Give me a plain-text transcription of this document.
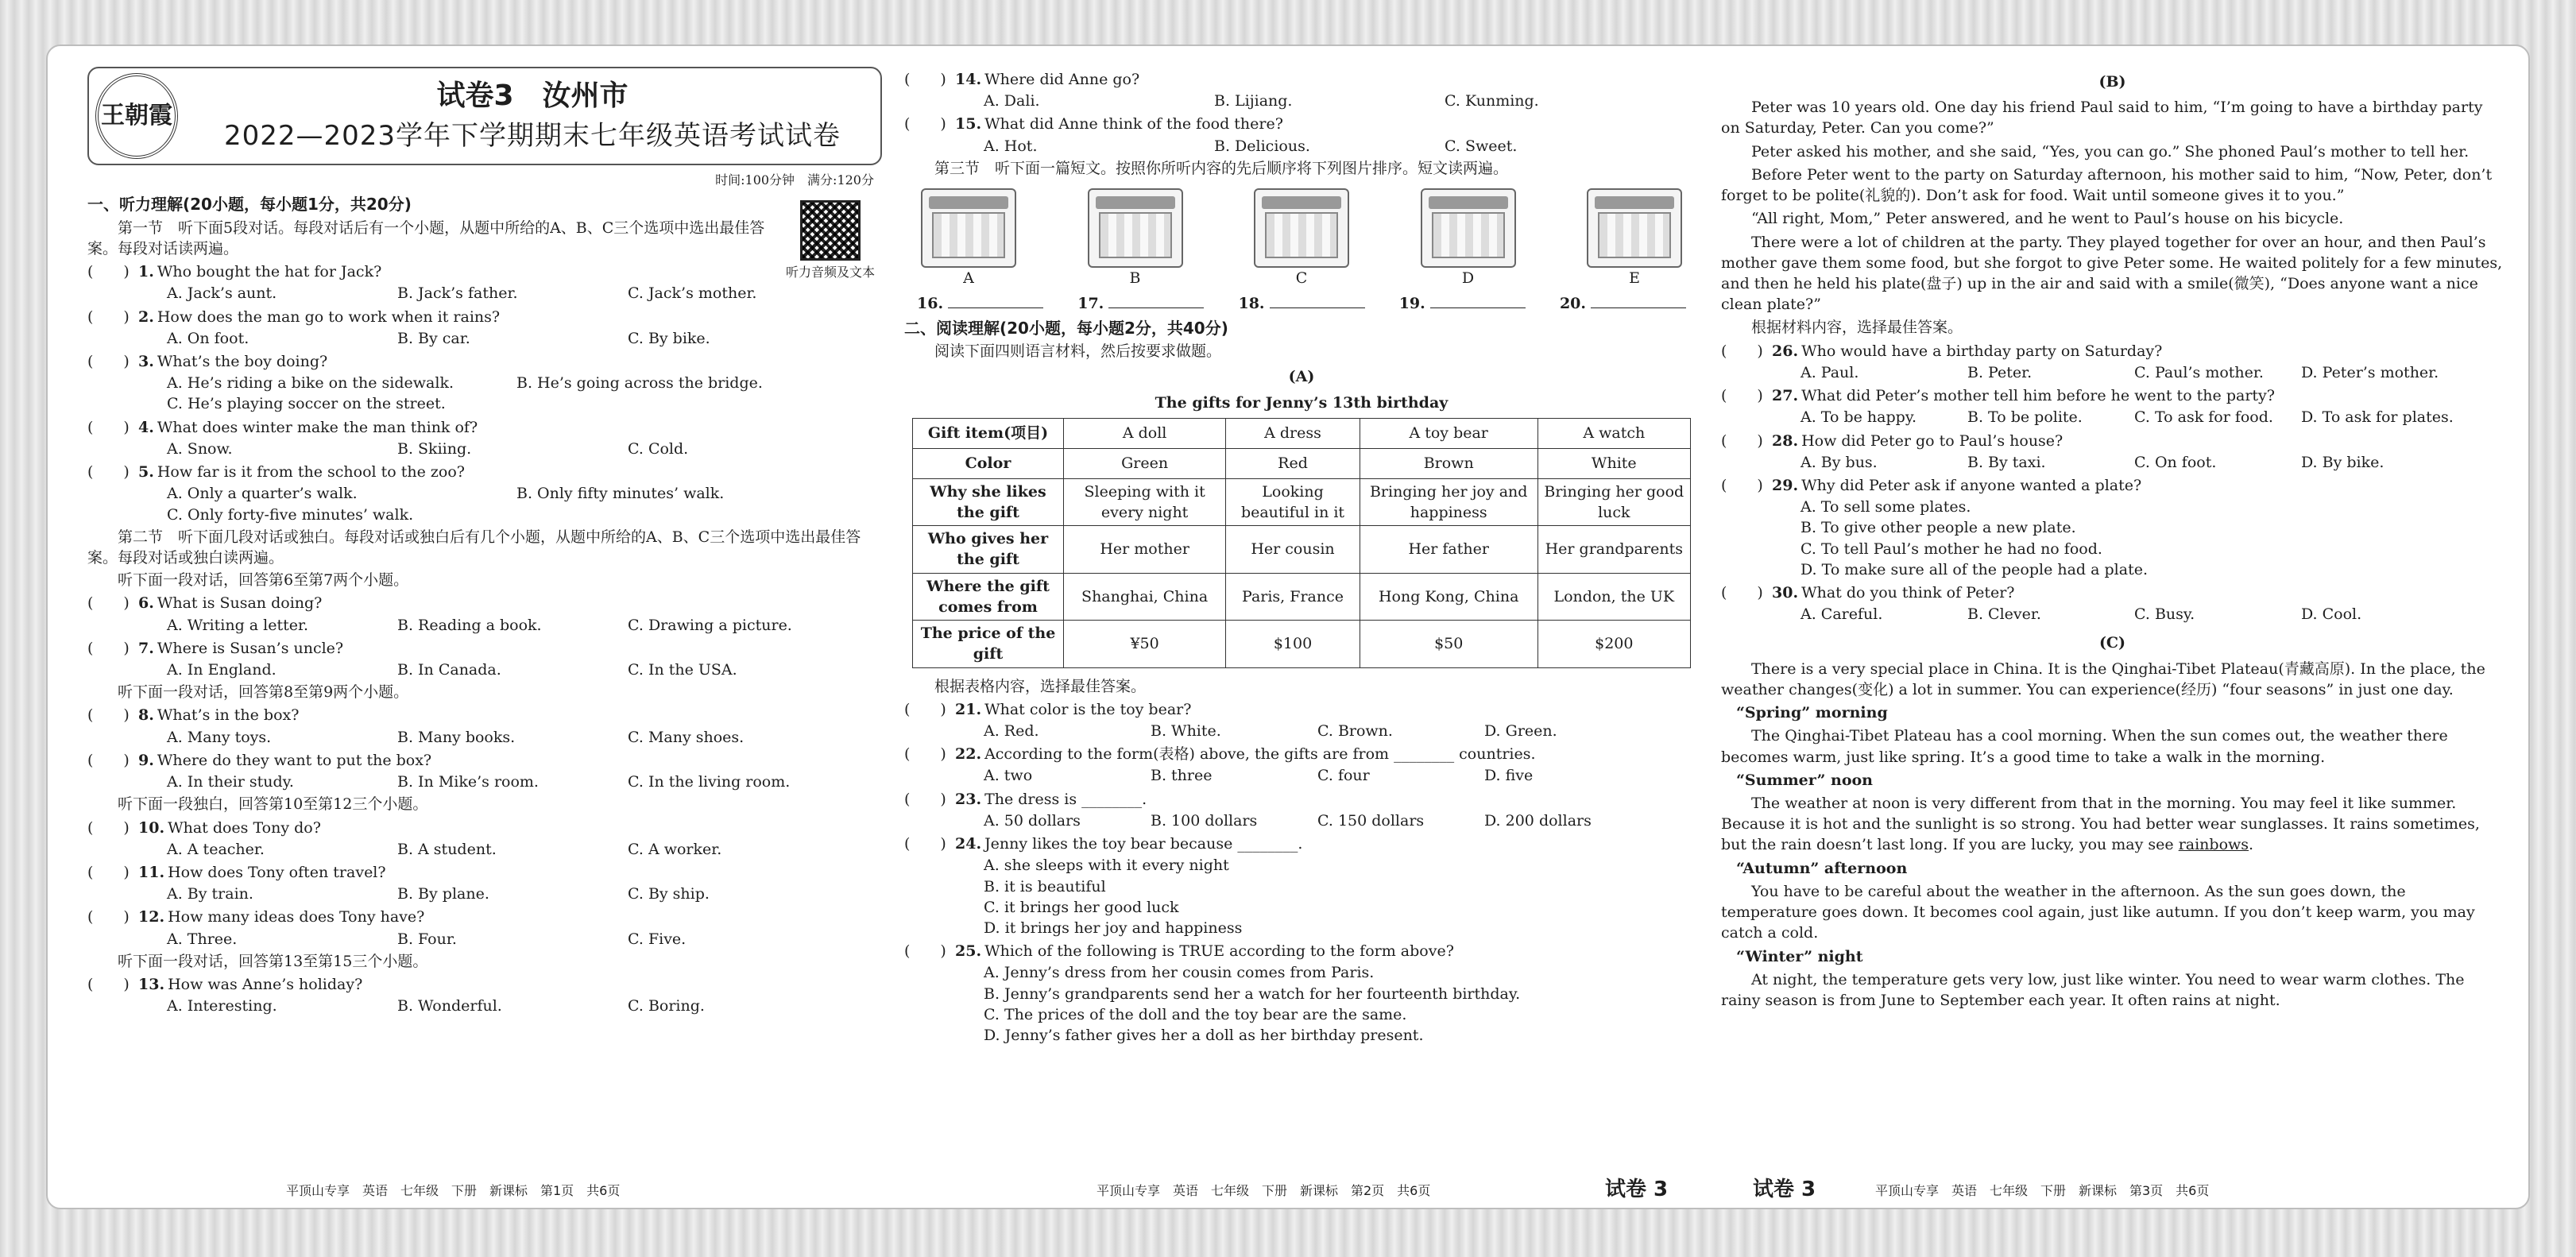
王朝霞
试卷3　汝州市
2022—2023学年下学期期末七年级英语考试试卷
时间:100分钟　满分:120分
听力音频及文本
一、听力理解(20小题，每小题1分，共20分)

第一节　听下面5段对话。每段对话后有一个小题，从题中所给的A、B、C三个选项中选出最佳答案。每段对话读两遍。

(　　) 1. Who bought the hat for Jack?
A. Jack’s aunt.	B. Jack’s father.	C. Jack’s mother.
(　　) 2. How does the man go to work when it rains?
A. On foot.	B. By car.	C. By bike.
(　　) 3. What’s the boy doing?
A. He’s riding a bike on the sidewalk.	B. He’s going across the bridge.
C. He’s playing soccer on the street.
(　　) 4. What does winter make the man think of?
A. Snow.	B. Skiing.	C. Cold.
(　　) 5. How far is it from the school to the zoo?
A. Only a quarter’s walk.	B. Only fifty minutes’ walk.
C. Only forty-five minutes’ walk.

第二节　听下面几段对话或独白。每段对话或独白后有几个小题，从题中所给的A、B、C三个选项中选出最佳答案。每段对话或独白读两遍。

听下面一段对话，回答第6至第7两个小题。

(　　) 6. What is Susan doing?
A. Writing a letter.	B. Reading a book.	C. Drawing a picture.
(　　) 7. Where is Susan’s uncle?
A. In England.	B. In Canada.	C. In the USA.

听下面一段对话，回答第8至第9两个小题。

(　　) 8. What’s in the box?
A. Many toys.	B. Many books.	C. Many shoes.
(　　) 9. Where do they want to put the box?
A. In their study.	B. In Mike’s room.	C. In the living room.

听下面一段独白，回答第10至第12三个小题。

(　　) 10. What does Tony do?
A. A teacher.	B. A student.	C. A worker.
(　　) 11. How does Tony often travel?
A. By train.	B. By plane.	C. By ship.
(　　) 12. How many ideas does Tony have?
A. Three.	B. Four.	C. Five.

听下面一段对话，回答第13至第15三个小题。

(　　) 13. How was Anne’s holiday?
A. Interesting.	B. Wonderful.	C. Boring.
(　　) 14. Where did Anne go?
A. Dali.	B. Lijiang.	C. Kunming.
(　　) 15. What did Anne think of the food there?
A. Hot.	B. Delicious.	C. Sweet.

第三节　听下面一篇短文。按照你所听内容的先后顺序将下列图片排序。短文读两遍。

A	B	C	D	E
16.	17.	18.	19.	20.
二、阅读理解(20小题，每小题2分，共40分)

阅读下面四则语言材料，然后按要求做题。

(A)
The gifts for Jenny’s 13th birthday
Gift item(项目)	A doll	A dress	A toy bear	A watch
Color	Green	Red	Brown	White
Why she likes the gift	Sleeping with it every night	Looking beautiful in it	Bringing her joy and happiness	Bringing her good luck
Who gives her the gift	Her mother	Her cousin	Her father	Her grandparents
Where the gift comes from	Shanghai, China	Paris, France	Hong Kong, China	London, the UK
The price of the gift	¥50	$100	$50	$200

根据表格内容，选择最佳答案。

(　　) 21. What color is the toy bear?
A. Red.	B. White.	C. Brown.	D. Green.
(　　) 22. According to the form(表格) above, the gifts are from ________ countries.
A. two	B. three	C. four	D. five
(　　) 23. The dress is ________.
A. 50 dollars	B. 100 dollars	C. 150 dollars	D. 200 dollars
(　　) 24. Jenny likes the toy bear because ________.
A. she sleeps with it every night
B. it is beautiful
C. it brings her good luck
D. it brings her joy and happiness
(　　) 25. Which of the following is TRUE according to the form above?
A. Jenny’s dress from her cousin comes from Paris.
B. Jenny’s grandparents send her a watch for her fourteenth birthday.
C. The prices of the doll and the toy bear are the same.
D. Jenny’s father gives her a doll as her birthday present.
(B)

Peter was 10 years old. One day his friend Paul said to him, “I’m going to have a birthday party on Saturday, Peter. Can you come?”

Peter asked his mother, and she said, “Yes, you can go.” She phoned Paul’s mother to tell her.

Before Peter went to the party on Saturday afternoon, his mother said to him, “Now, Peter, don’t forget to be polite(礼貌的). Don’t ask for food. Wait until someone gives it to you.”

“All right, Mom,” Peter answered, and he went to Paul’s house on his bicycle.

There were a lot of children at the party. They played together for over an hour, and then Paul’s mother gave them some food, but she forgot to give Peter some. He waited politely for a few minutes, and then he held his plate(盘子) up in the air and said with a smile(微笑), “Does anyone want a nice clean plate?”

根据材料内容，选择最佳答案。

(　　) 26. Who would have a birthday party on Saturday?
A. Paul.	B. Peter.	C. Paul’s mother.	D. Peter’s mother.
(　　) 27. What did Peter’s mother tell him before he went to the party?
A. To be happy.	B. To be polite.	C. To ask for food.	D. To ask for plates.
(　　) 28. How did Peter go to Paul’s house?
A. By bus.	B. By taxi.	C. On foot.	D. By bike.
(　　) 29. Why did Peter ask if anyone wanted a plate?
A. To sell some plates.
B. To give other people a new plate.
C. To tell Paul’s mother he had no food.
D. To make sure all of the people had a plate.
(　　) 30. What do you think of Peter?
A. Careful.	B. Clever.	C. Busy.	D. Cool.
(C)

There is a very special place in China. It is the Qinghai-Tibet Plateau(青藏高原). In the place, the weather changes(变化) a lot in summer. You can experience(经历) “four seasons” in just one day.

“Spring” morning

The Qinghai-Tibet Plateau has a cool morning. When the sun comes out, the weather there becomes warm, just like spring. It’s a good time to take a walk in the morning.

“Summer” noon

The weather at noon is very different from that in the morning. You may feel it like summer. Because it is hot and the sunlight is so strong. You had better wear sunglasses. It rains sometimes, but the rain doesn’t last long. If you are lucky, you may see rainbows.

“Autumn” afternoon

You have to be careful about the weather in the afternoon. As the sun goes down, the temperature goes down. It becomes cool again, just like autumn. If you don’t keep warm, you may catch a cold.

“Winter” night

At night, the temperature gets very low, just like winter. You need to wear warm clothes. The rainy season is from June to September each year. It often rains at night.

平顶山专享　英语　七年级　下册　新课标　第1页　共6页	平顶山专享　英语　七年级　下册　新课标　第2页　共6页	试卷 3	试卷 3	平顶山专享　英语　七年级　下册　新课标　第3页　共6页
